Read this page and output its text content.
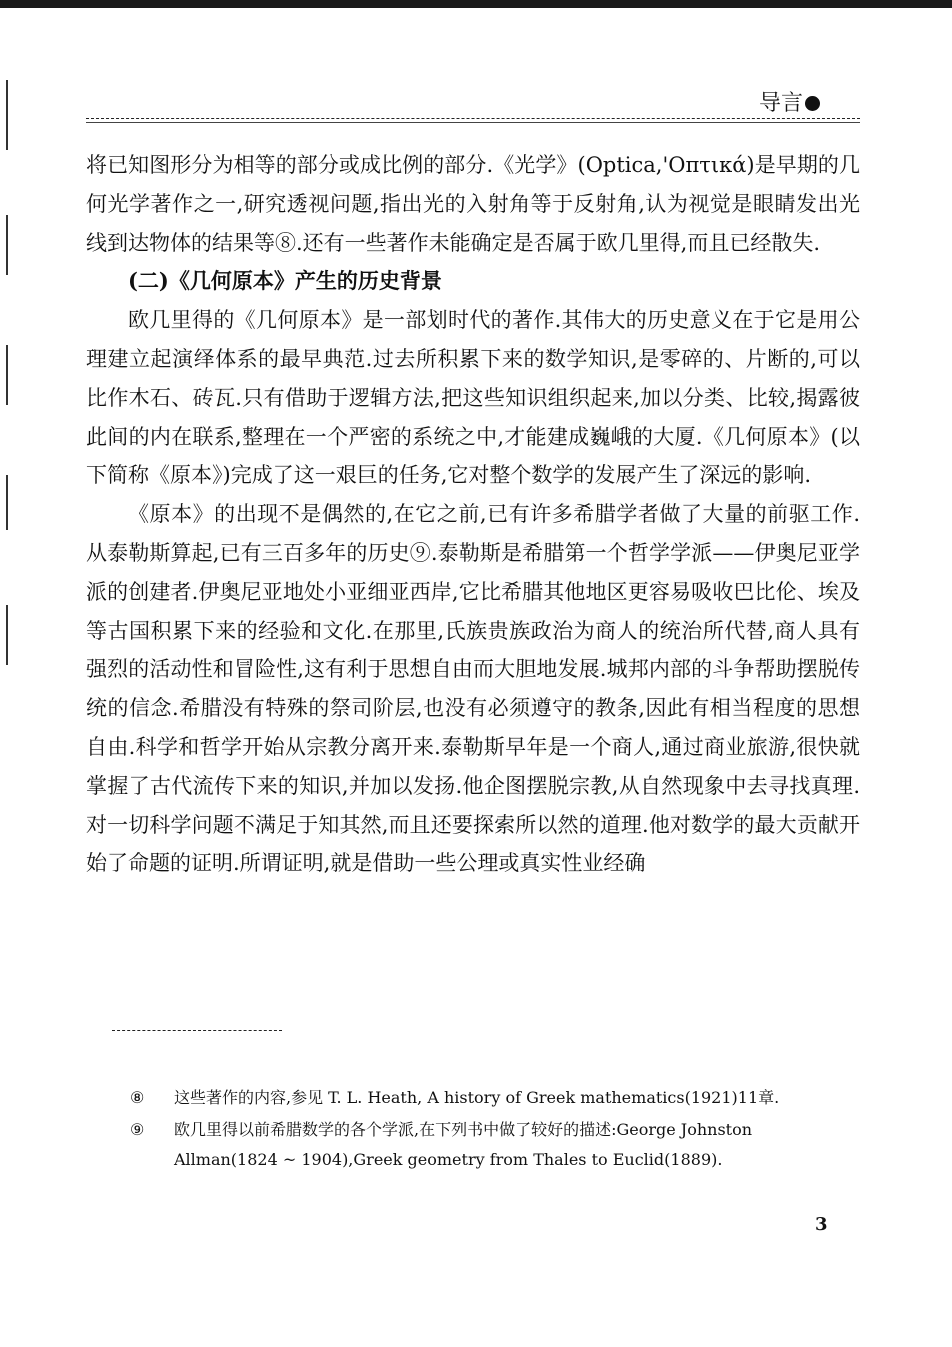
导言

将已知图形分为相等的部分或成比例的部分.《光学》(Optica,'Οπτικά)是早期的几何光学著作之一,研究透视问题,指出光的入射角等于反射角,认为视觉是眼睛发出光线到达物体的结果等⑧.还有一些著作未能确定是否属于欧几里得,而且已经散失.

(二)《几何原本》产生的历史背景

欧几里得的《几何原本》是一部划时代的著作.其伟大的历史意义在于它是用公理建立起演绎体系的最早典范.过去所积累下来的数学知识,是零碎的、片断的,可以比作木石、砖瓦.只有借助于逻辑方法,把这些知识组织起来,加以分类、比较,揭露彼此间的内在联系,整理在一个严密的系统之中,才能建成巍峨的大厦.《几何原本》(以下简称《原本》)完成了这一艰巨的任务,它对整个数学的发展产生了深远的影响.

《原本》的出现不是偶然的,在它之前,已有许多希腊学者做了大量的前驱工作.从泰勒斯算起,已有三百多年的历史⑨.泰勒斯是希腊第一个哲学学派——伊奥尼亚学派的创建者.伊奥尼亚地处小亚细亚西岸,它比希腊其他地区更容易吸收巴比伦、埃及等古国积累下来的经验和文化.在那里,氏族贵族政治为商人的统治所代替,商人具有强烈的活动性和冒险性,这有利于思想自由而大胆地发展.城邦内部的斗争帮助摆脱传统的信念.希腊没有特殊的祭司阶层,也没有必须遵守的教条,因此有相当程度的思想自由.科学和哲学开始从宗教分离开来.泰勒斯早年是一个商人,通过商业旅游,很快就掌握了古代流传下来的知识,并加以发扬.他企图摆脱宗教,从自然现象中去寻找真理.对一切科学问题不满足于知其然,而且还要探索所以然的道理.他对数学的最大贡献开始了命题的证明.所谓证明,就是借助一些公理或真实性业经确

⑧	这些著作的内容,参见 T. L. Heath, A history of Greek mathematics(1921)11章.
⑨	欧几里得以前希腊数学的各个学派,在下列书中做了较好的描述:George Johnston Allman(1824 ~ 1904),Greek geometry from Thales to Euclid(1889).
3
